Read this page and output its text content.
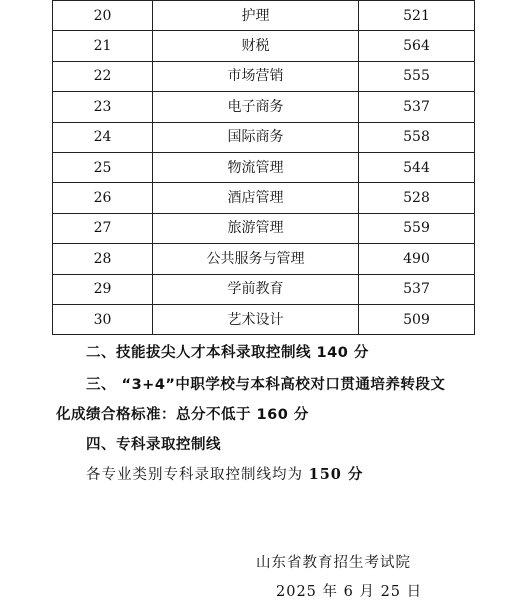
20	护理	521
21	财税	564
22	市场营销	555
23	电子商务	537
24	国际商务	558
25	物流管理	544
26	酒店管理	528
27	旅游管理	559
28	公共服务与管理	490
29	学前教育	537
30	艺术设计	509

二、技能拔尖人才本科录取控制线 140 分

三、 “3+4”中职学校与本科高校对口贯通培养转段文

化成绩合格标准：总分不低于 160 分

四、专科录取控制线

各专业类别专科录取控制线均为 150 分

山东省教育招生考试院

2025 年 6 月 25 日
